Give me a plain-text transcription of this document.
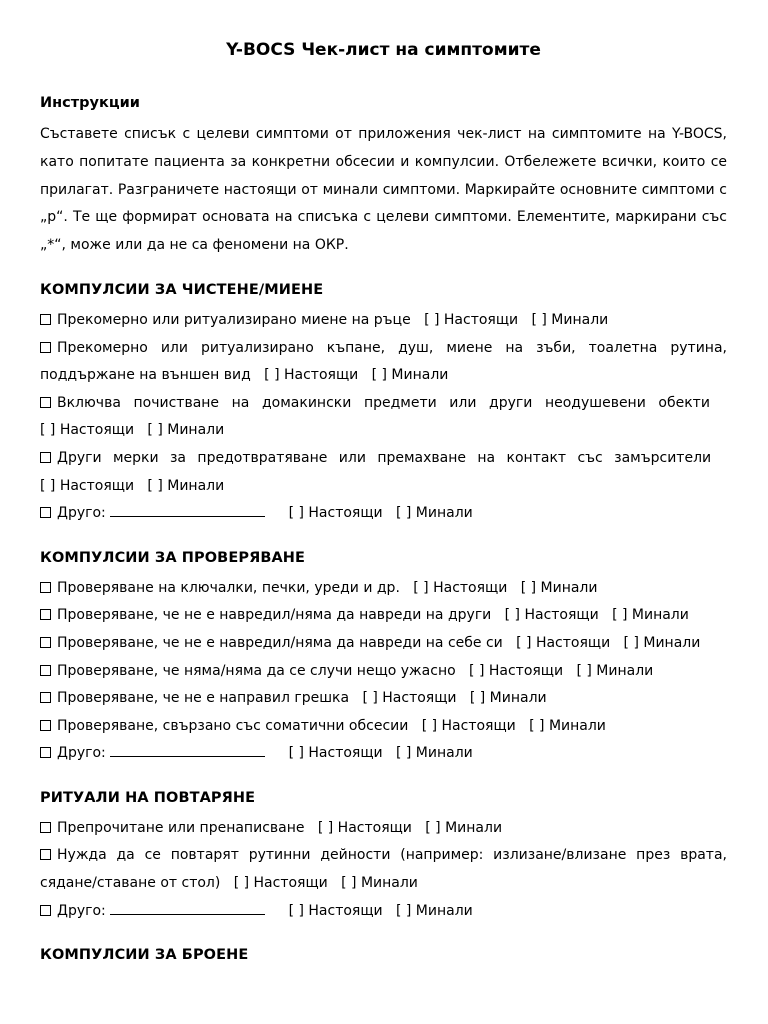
Y-BOCS Чек-лист на симптомите
Инструкции

Съставете списък с целеви симптоми от приложения чек-лист на симптомите на Y-BOCS, като попитате пациента за конкретни обсесии и компулсии. Отбележете всички, които се прилагат. Разграничете настоящи от минали симптоми. Маркирайте основните симптоми с „p“. Те ще формират основата на списъка с целеви симптоми. Елементите, маркирани със „*“, може или да не са феномени на ОКР.

КОМПУЛСИИ ЗА ЧИСТЕНЕ/МИЕНЕ
Прекомерно или ритуализирано миене на ръце [ ] Настоящи [ ] Минали
Прекомерно или ритуализирано къпане, душ, миене на зъби, тоалетна рутина, поддържане на външен вид [ ] Настоящи [ ] Минали
Включва почистване на домакински предмети или други неодушевени обекти   [ ] Настоящи [ ] Минали
Други мерки за предотвратяване или премахване на контакт със замърсители   [ ] Настоящи [ ] Минали
Друго:	[ ] Настоящи [ ] Минали
КОМПУЛСИИ ЗА ПРОВЕРЯВАНЕ
Проверяване на ключалки, печки, уреди и др. [ ] Настоящи [ ] Минали
Проверяване, че не е навредил/няма да навреди на други [ ] Настоящи [ ] Минали
Проверяване, че не е навредил/няма да навреди на себе си [ ] Настоящи [ ] Минали
Проверяване, че няма/няма да се случи нещо ужасно [ ] Настоящи [ ] Минали
Проверяване, че не е направил грешка [ ] Настоящи [ ] Минали
Проверяване, свързано със соматични обсесии [ ] Настоящи [ ] Минали
Друго:	[ ] Настоящи [ ] Минали
РИТУАЛИ НА ПОВТАРЯНЕ
Препрочитане или пренаписване [ ] Настоящи [ ] Минали
Нужда да се повтарят рутинни дейности (например: излизане/влизане през врата, сядане/ставане от стол) [ ] Настоящи [ ] Минали
Друго:	[ ] Настоящи [ ] Минали
КОМПУЛСИИ ЗА БРОЕНЕ
